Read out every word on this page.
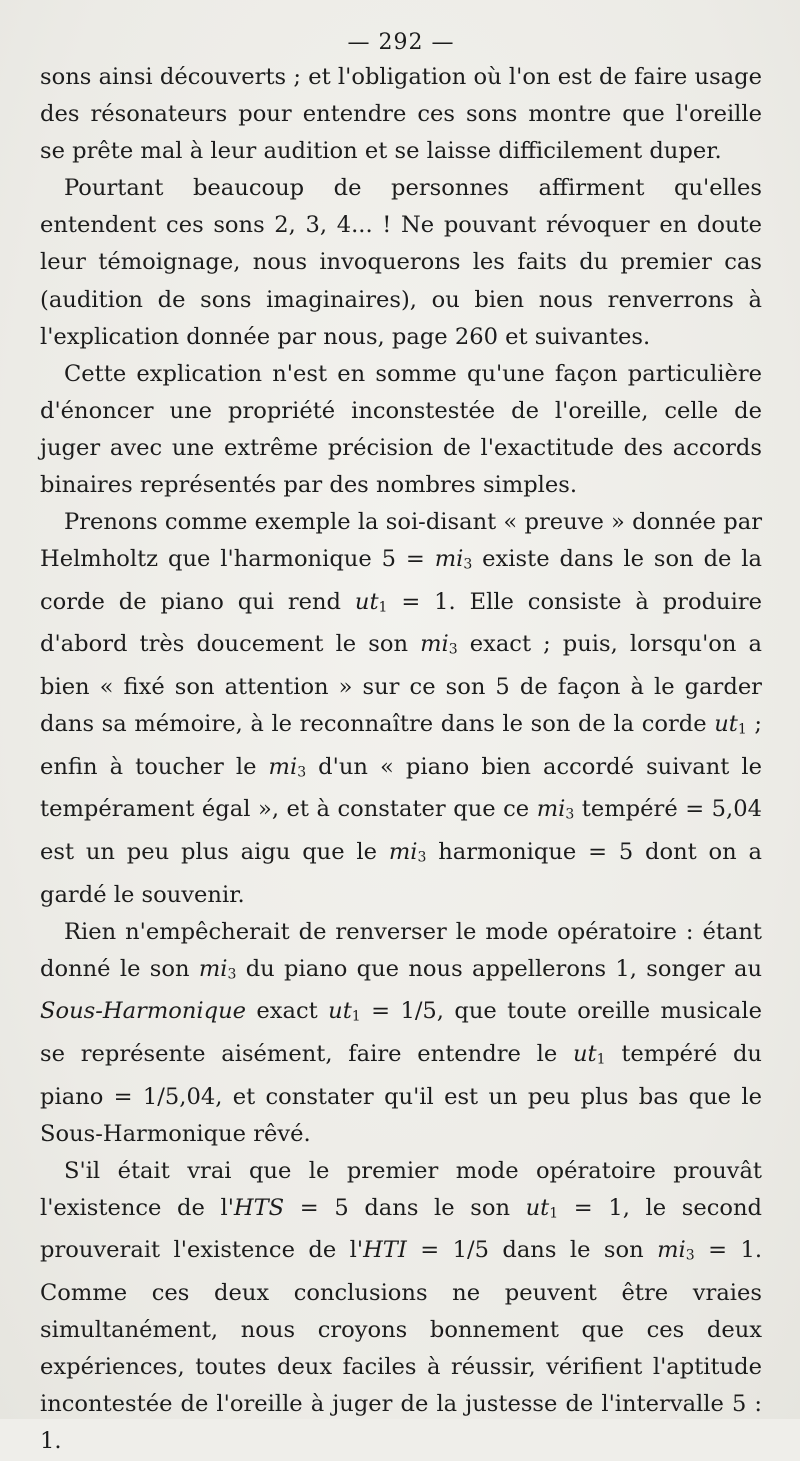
— 292 —

sons ainsi découverts ; et l'obligation où l'on est de faire usage des résonateurs pour entendre ces sons montre que l'oreille se prête mal à leur audition et se laisse difficilement duper.

Pourtant beaucoup de personnes affirment qu'elles entendent ces sons 2, 3, 4... ! Ne pouvant révoquer en doute leur témoignage, nous invoquerons les faits du premier cas (audition de sons imaginaires), ou bien nous renverrons à l'explication donnée par nous, page 260 et suivantes.

Cette explication n'est en somme qu'une façon particulière d'énoncer une propriété inconstestée de l'oreille, celle de juger avec une extrême précision de l'exactitude des accords binaires représentés par des nombres simples.

Prenons comme exemple la soi-disant « preuve » donnée par Helmholtz que l'harmonique 5 = mi3 existe dans le son de la corde de piano qui rend ut1 = 1. Elle consiste à produire d'abord très doucement le son mi3 exact ; puis, lorsqu'on a bien « fixé son attention » sur ce son 5 de façon à le garder dans sa mémoire, à le reconnaître dans le son de la corde ut1 ; enfin à toucher le mi3 d'un « piano bien accordé suivant le tempérament égal », et à constater que ce mi3 tempéré = 5,04 est un peu plus aigu que le mi3 harmonique = 5 dont on a gardé le souvenir.

Rien n'empêcherait de renverser le mode opératoire : étant donné le son mi3 du piano que nous appellerons 1, songer au Sous-Harmonique exact ut1 = 1/5, que toute oreille musicale se représente aisément, faire entendre le ut1 tempéré du piano = 1/5,04, et constater qu'il est un peu plus bas que le Sous-Harmonique rêvé.

S'il était vrai que le premier mode opératoire prouvât l'existence de l'HTS = 5 dans le son ut1 = 1, le second prouverait l'existence de l'HTI = 1/5 dans le son mi3 = 1. Comme ces deux conclusions ne peuvent être vraies simultanément, nous croyons bonnement que ces deux expériences, toutes deux faciles à réussir, vérifient l'aptitude incontestée de l'oreille à juger de la justesse de l'intervalle 5 : 1.
